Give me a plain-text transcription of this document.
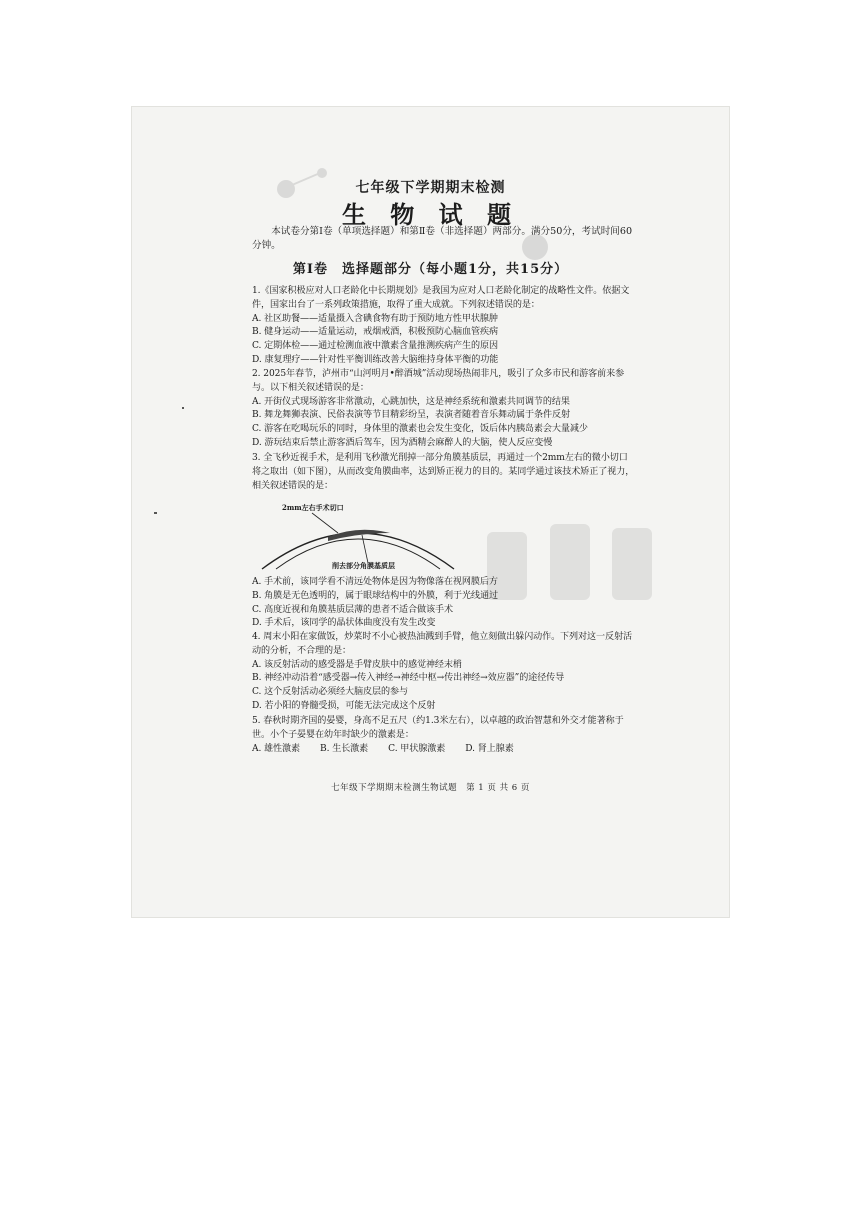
七年级下学期期末检测
生 物 试 题
本试卷分第Ⅰ卷（单项选择题）和第Ⅱ卷（非选择题）两部分。满分50分，考试时间60分钟。
第Ⅰ卷　选择题部分（每小题1分，共15分）
1.《国家积极应对人口老龄化中长期规划》是我国为应对人口老龄化制定的战略性文件。依据文件，国家出台了一系列政策措施，取得了重大成就。下列叙述错误的是：
A. 社区助餐——适量摄入含碘食物有助于预防地方性甲状腺肿
B. 健身运动——适量运动，戒烟戒酒，积极预防心脑血管疾病
C. 定期体检——通过检测血液中激素含量推测疾病产生的原因
D. 康复理疗——针对性平衡训练改善大脑维持身体平衡的功能
2. 2025年春节，泸州市“山河明月•醉酒城”活动现场热闹非凡，吸引了众多市民和游客前来参与。以下相关叙述错误的是：
A. 开街仪式现场游客非常激动，心跳加快，这是神经系统和激素共同调节的结果
B. 舞龙舞狮表演、民俗表演等节目精彩纷呈，表演者随着音乐舞动属于条件反射
C. 游客在吃喝玩乐的同时，身体里的激素也会发生变化，饭后体内胰岛素会大量减少
D. 游玩结束后禁止游客酒后驾车，因为酒精会麻醉人的大脑，使人反应变慢
3. 全飞秒近视手术，是利用飞秒激光削掉一部分角膜基质层，再通过一个2mm左右的微小切口将之取出（如下图），从而改变角膜曲率，达到矫正视力的目的。某同学通过该技术矫正了视力，相关叙述错误的是：
2mm左右手术切口
削去部分角膜基质层
A. 手术前，该同学看不清远处物体是因为物像落在视网膜后方
B. 角膜是无色透明的，属于眼球结构中的外膜，利于光线通过
C. 高度近视和角膜基质层薄的患者不适合做该手术
D. 手术后，该同学的晶状体曲度没有发生改变
4. 周末小阳在家做饭，炒菜时不小心被热油溅到手臂，他立刻做出躲闪动作。下列对这一反射活动的分析，不合理的是：
A. 该反射活动的感受器是手臂皮肤中的感觉神经末梢
B. 神经冲动沿着“感受器→传入神经→神经中枢→传出神经→效应器”的途径传导
C. 这个反射活动必须经大脑皮层的参与
D. 若小阳的脊髓受损，可能无法完成这个反射
5. 春秋时期齐国的晏婴，身高不足五尺（约1.3米左右），以卓越的政治智慧和外交才能著称于世。小个子晏婴在幼年时缺少的激素是：
A. 雄性激素 B. 生长激素 C. 甲状腺激素 D. 肾上腺素
七年级下学期期末检测生物试题　第 1 页 共 6 页
